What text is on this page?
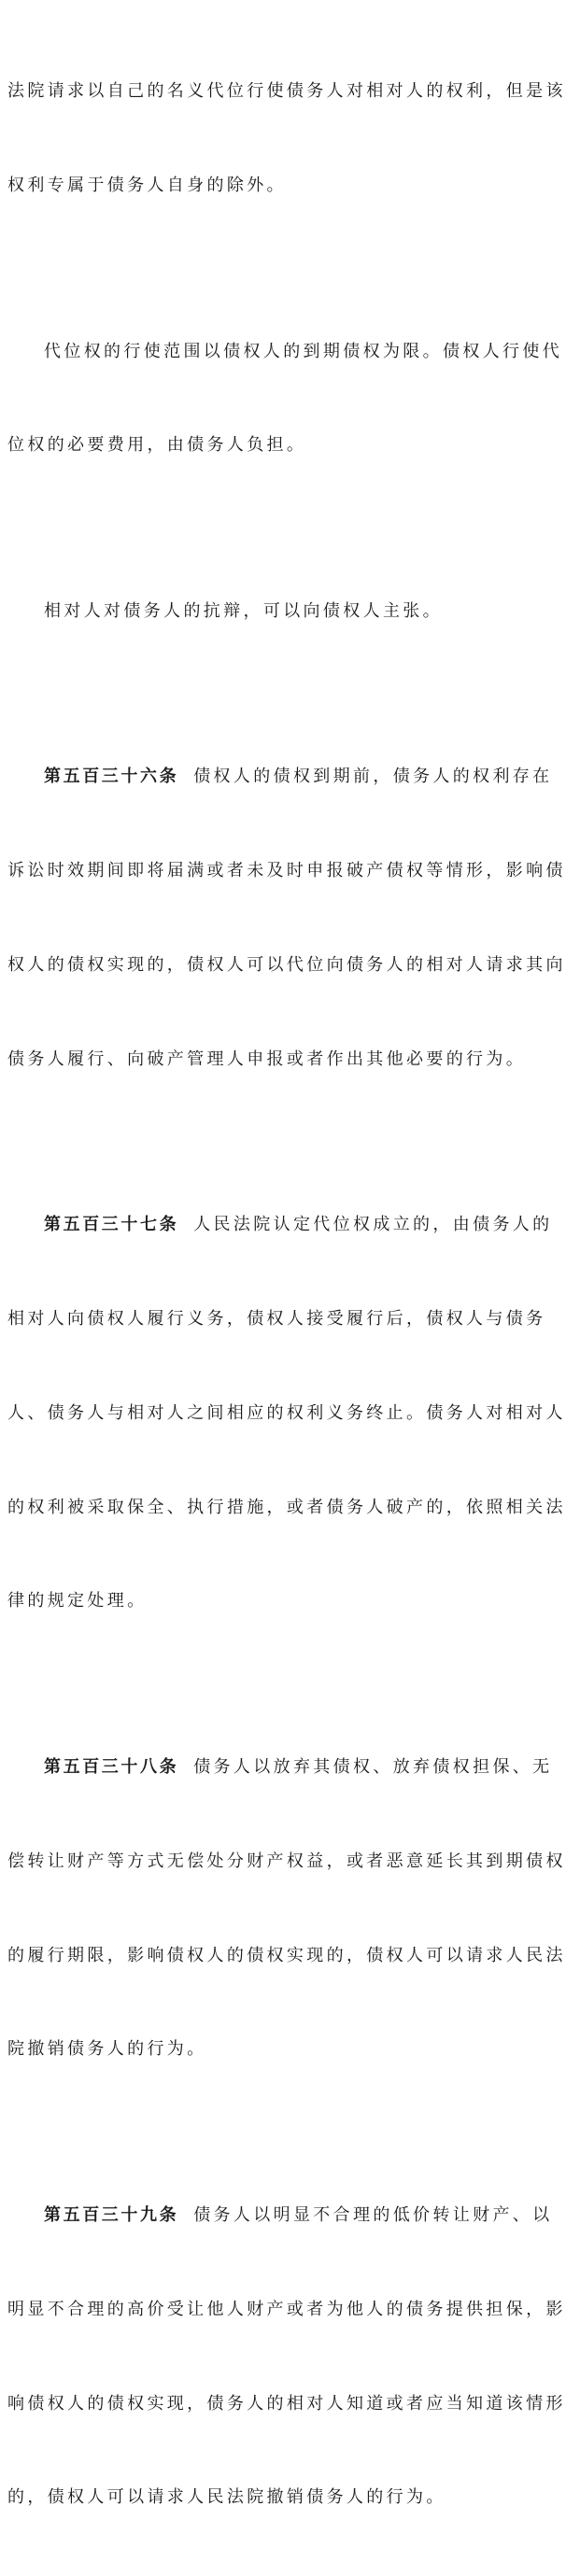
法院请求以自己的名义代位行使债务人对相对人的权利，但是该

权利专属于债务人自身的除外。

代位权的行使范围以债权人的到期债权为限。债权人行使代

位权的必要费用，由债务人负担。

相对人对债务人的抗辩，可以向债权人主张。

第五百三十六条 债权人的债权到期前，债务人的权利存在

诉讼时效期间即将届满或者未及时申报破产债权等情形，影响债

权人的债权实现的，债权人可以代位向债务人的相对人请求其向

债务人履行、向破产管理人申报或者作出其他必要的行为。

第五百三十七条 人民法院认定代位权成立的，由债务人的

相对人向债权人履行义务，债权人接受履行后，债权人与债务

人、债务人与相对人之间相应的权利义务终止。债务人对相对人

的权利被采取保全、执行措施，或者债务人破产的，依照相关法

律的规定处理。

第五百三十八条 债务人以放弃其债权、放弃债权担保、无

偿转让财产等方式无偿处分财产权益，或者恶意延长其到期债权

的履行期限，影响债权人的债权实现的，债权人可以请求人民法

院撤销债务人的行为。

第五百三十九条 债务人以明显不合理的低价转让财产、以

明显不合理的高价受让他人财产或者为他人的债务提供担保，影

响债权人的债权实现，债务人的相对人知道或者应当知道该情形

的，债权人可以请求人民法院撤销债务人的行为。
